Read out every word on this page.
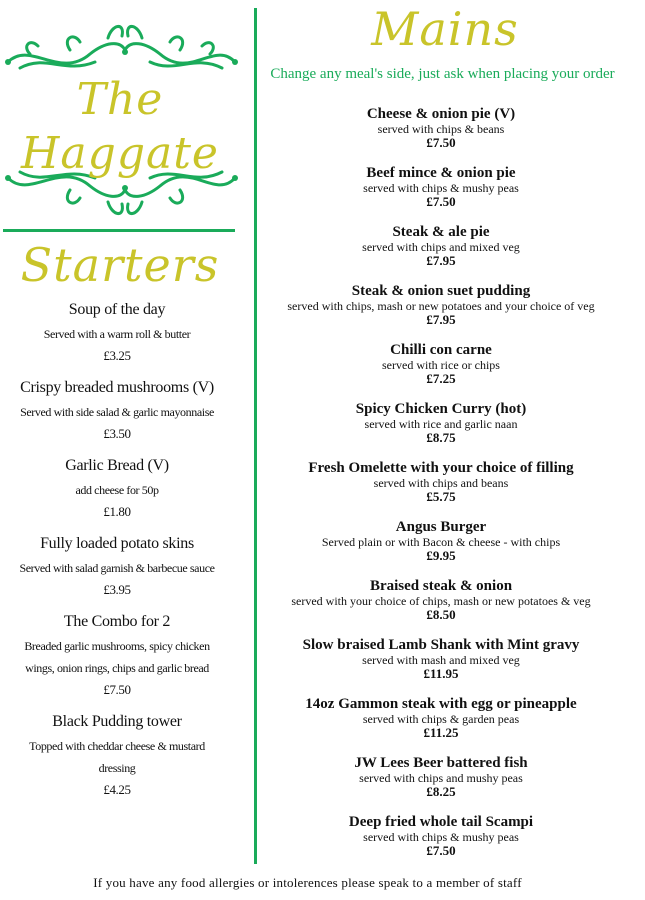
The
Haggate
Starters
Soup of the day
Served with a warm roll & butter
£3.25
Crispy breaded mushrooms (V)
Served with side salad & garlic mayonnaise
£3.50
Garlic Bread (V)
add cheese for 50p
£1.80
Fully loaded potato skins
Served with salad garnish & barbecue sauce
£3.95
The Combo for 2
Breaded garlic mushrooms, spicy chicken
wings, onion rings, chips and garlic bread
£7.50
Black Pudding tower
Topped with cheddar cheese & mustard
dressing
£4.25
Mains
Change any meal's side, just ask when placing your order
Cheese & onion pie (V)
served with chips & beans
£7.50
Beef mince & onion pie
served with chips & mushy peas
£7.50
Steak & ale pie
served with chips and mixed veg
£7.95
Steak & onion suet pudding
served with chips, mash or new potatoes and your choice of veg
£7.95
Chilli con carne
served with rice or chips
£7.25
Spicy Chicken Curry (hot)
served with rice and garlic naan
£8.75
Fresh Omelette with your choice of filling
served with chips and beans
£5.75
Angus Burger
Served plain or with Bacon & cheese - with chips
£9.95
Braised steak & onion
served with your choice of chips, mash or new potatoes & veg
£8.50
Slow braised Lamb Shank with Mint gravy
served with mash and mixed veg
£11.95
14oz Gammon steak with egg or pineapple
served with chips & garden peas
£11.25
JW Lees Beer battered fish
served with chips and mushy peas
£8.25
Deep fried whole tail Scampi
served with chips & mushy peas
£7.50
If you have any food allergies or intolerences please speak to a member of staff
